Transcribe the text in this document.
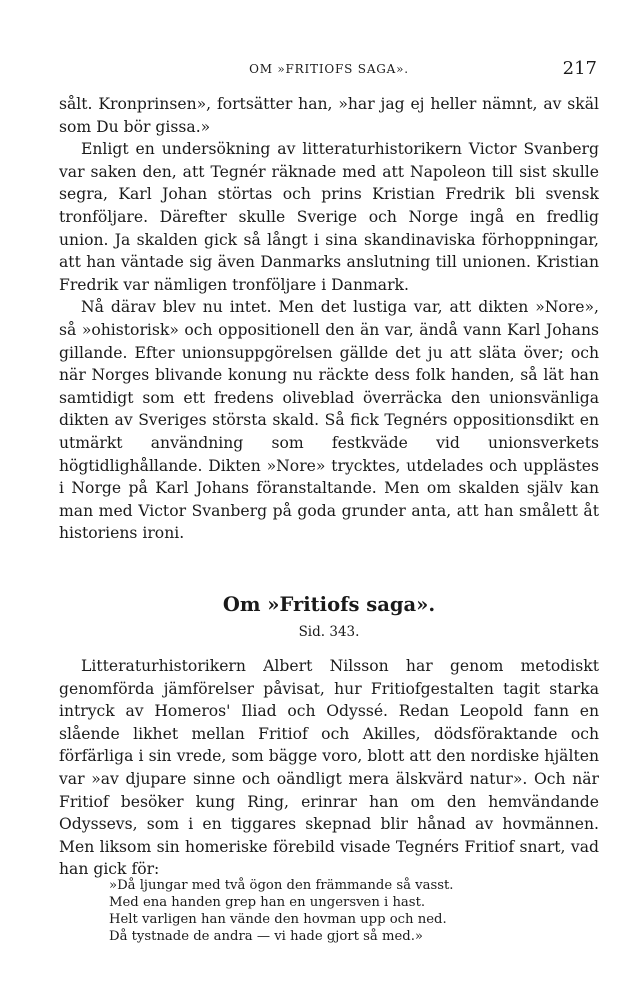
OM »FRITIOFS SAGA».	217

sålt. Kronprinsen», fortsätter han, »har jag ej heller nämnt, av skäl som Du bör gissa.»

Enligt en undersökning av litteraturhistorikern Victor Svanberg var saken den, att Tegnér räknade med att Napoleon till sist skulle segra, Karl Johan störtas och prins Kristian Fredrik bli svensk tronföljare. Därefter skulle Sverige och Norge ingå en fredlig union. Ja skalden gick så långt i sina skandinaviska förhoppningar, att han väntade sig även Danmarks anslutning till unionen. Kristian Fredrik var nämligen tronföljare i Danmark.

Nå därav blev nu intet. Men det lustiga var, att dikten »Nore», så »ohistorisk» och oppositionell den än var, ändå vann Karl Johans gillande. Efter unionsuppgörelsen gällde det ju att släta över; och när Norges blivande konung nu räckte dess folk handen, så lät han samtidigt som ett fredens oliveblad överräcka den unionsvänliga dikten av Sveriges största skald. Så fick Tegnérs oppositionsdikt en utmärkt användning som festkväde vid unionsverkets högtidlighållande. Dikten »Nore» trycktes, utdelades och upplästes i Norge på Karl Johans föranstaltande. Men om skalden själv kan man med Victor Svanberg på goda grunder anta, att han smålett åt historiens ironi.

Om »Fritiofs saga».
Sid. 343.

Litteraturhistorikern Albert Nilsson har genom metodiskt genomförda jämförelser påvisat, hur Fritiofgestalten tagit starka intryck av Homeros' Iliad och Odyssé. Redan Leopold fann en slående likhet mellan Fritiof och Akilles, dödsföraktande och förfärliga i sin vrede, som bägge voro, blott att den nordiske hjälten var »av djupare sinne och oändligt mera älskvärd natur». Och när Fritiof besöker kung Ring, erinrar han om den hemvändande Odyssevs, som i en tiggares skepnad blir hånad av hovmännen. Men liksom sin homeriske förebild visade Tegnérs Fritiof snart, vad han gick för:

»Då ljungar med två ögon den främmande så vasst.
Med ena handen grep han en ungersven i hast.
Helt varligen han vände den hovman upp och ned.
Då tystnade de andra — vi hade gjort så med.»
